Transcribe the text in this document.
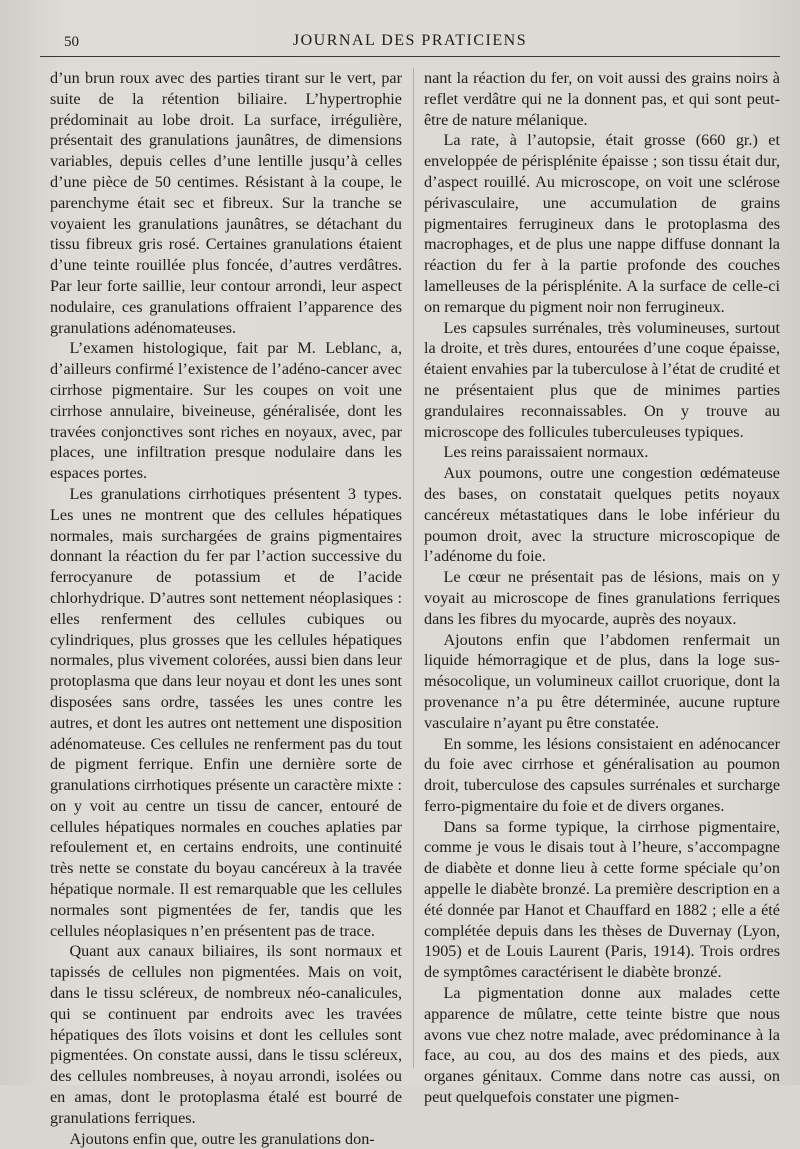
50	JOURNAL DES PRATICIENS

d’un brun roux avec des parties tirant sur le vert, par suite de la rétention biliaire. L’hypertrophie prédominait au lobe droit. La surface, irrégulière, présentait des granulations jaunâtres, de dimensions variables, depuis celles d’une lentille jusqu’à celles d’une pièce de 50 centimes. Résistant à la coupe, le parenchyme était sec et fibreux. Sur la tranche se voyaient les granulations jaunâtres, se détachant du tissu fibreux gris rosé. Certaines granulations étaient d’une teinte rouillée plus foncée, d’autres verdâtres. Par leur forte saillie, leur contour arrondi, leur aspect nodulaire, ces granulations offraient l’apparence des granulations adénomateuses.

L’examen histologique, fait par M. Leblanc, a, d’ailleurs confirmé l’existence de l’adéno-cancer avec cirrhose pigmentaire. Sur les coupes on voit une cirrhose annulaire, biveineuse, généralisée, dont les travées conjonctives sont riches en noyaux, avec, par places, une infiltration presque nodulaire dans les espaces portes.

Les granulations cirrhotiques présentent 3 types. Les unes ne montrent que des cellules hépatiques normales, mais surchargées de grains pigmentaires donnant la réaction du fer par l’action successive du ferrocyanure de potassium et de l’acide chlorhydrique. D’autres sont nettement néoplasiques : elles renferment des cellules cubiques ou cylindriques, plus grosses que les cellules hépatiques normales, plus vivement colorées, aussi bien dans leur protoplasma que dans leur noyau et dont les unes sont disposées sans ordre, tassées les unes contre les autres, et dont les autres ont nettement une disposition adénomateuse. Ces cellules ne renferment pas du tout de pigment ferrique. Enfin une dernière sorte de granulations cirrhotiques présente un caractère mixte : on y voit au centre un tissu de cancer, entouré de cellules hépatiques normales en couches aplaties par refoulement et, en certains endroits, une continuité très nette se constate du boyau cancéreux à la travée hépatique normale. Il est remarquable que les cellules normales sont pigmentées de fer, tandis que les cellules néoplasiques n’en présentent pas de trace.

Quant aux canaux biliaires, ils sont normaux et tapissés de cellules non pigmentées. Mais on voit, dans le tissu scléreux, de nombreux néo-canalicules, qui se continuent par endroits avec les travées hépatiques des îlots voisins et dont les cellules sont pigmentées. On constate aussi, dans le tissu scléreux, des cellules nombreuses, à noyau arrondi, isolées ou en amas, dont le protoplasma étalé est bourré de granulations ferriques.

Ajoutons enfin que, outre les granulations don-

nant la réaction du fer, on voit aussi des grains noirs à reflet verdâtre qui ne la donnent pas, et qui sont peut-être de nature mélanique.

La rate, à l’autopsie, était grosse (660 gr.) et enveloppée de périsplénite épaisse ; son tissu était dur, d’aspect rouillé. Au microscope, on voit une sclérose périvasculaire, une accumulation de grains pigmentaires ferrugineux dans le protoplasma des macrophages, et de plus une nappe diffuse donnant la réaction du fer à la partie profonde des couches lamelleuses de la périsplénite. A la surface de celle-ci on remarque du pigment noir non ferrugineux.

Les capsules surrénales, très volumineuses, surtout la droite, et très dures, entourées d’une coque épaisse, étaient envahies par la tuberculose à l’état de crudité et ne présentaient plus que de minimes parties grandulaires reconnaissables. On y trouve au microscope des follicules tuberculeuses typiques.

Les reins paraissaient normaux.

Aux poumons, outre une congestion œdémateuse des bases, on constatait quelques petits noyaux cancéreux métastatiques dans le lobe inférieur du poumon droit, avec la structure microscopique de l’adénome du foie.

Le cœur ne présentait pas de lésions, mais on y voyait au microscope de fines granulations ferriques dans les fibres du myocarde, auprès des noyaux.

Ajoutons enfin que l’abdomen renfermait un liquide hémorragique et de plus, dans la loge sus-mésocolique, un volumineux caillot cruorique, dont la provenance n’a pu être déterminée, aucune rupture vasculaire n’ayant pu être constatée.

En somme, les lésions consistaient en adénocancer du foie avec cirrhose et généralisation au poumon droit, tuberculose des capsules surrénales et surcharge ferro-pigmentaire du foie et de divers organes.

Dans sa forme typique, la cirrhose pigmentaire, comme je vous le disais tout à l’heure, s’accompagne de diabète et donne lieu à cette forme spéciale qu’on appelle le diabète bronzé. La première description en a été donnée par Hanot et Chauffard en 1882 ; elle a été complétée depuis dans les thèses de Duvernay (Lyon, 1905) et de Louis Laurent (Paris, 1914). Trois ordres de symptômes caractérisent le diabète bronzé.

La pigmentation donne aux malades cette apparence de mûlatre, cette teinte bistre que nous avons vue chez notre malade, avec prédominance à la face, au cou, au dos des mains et des pieds, aux organes génitaux. Comme dans notre cas aussi, on peut quelquefois constater une pigmen-
